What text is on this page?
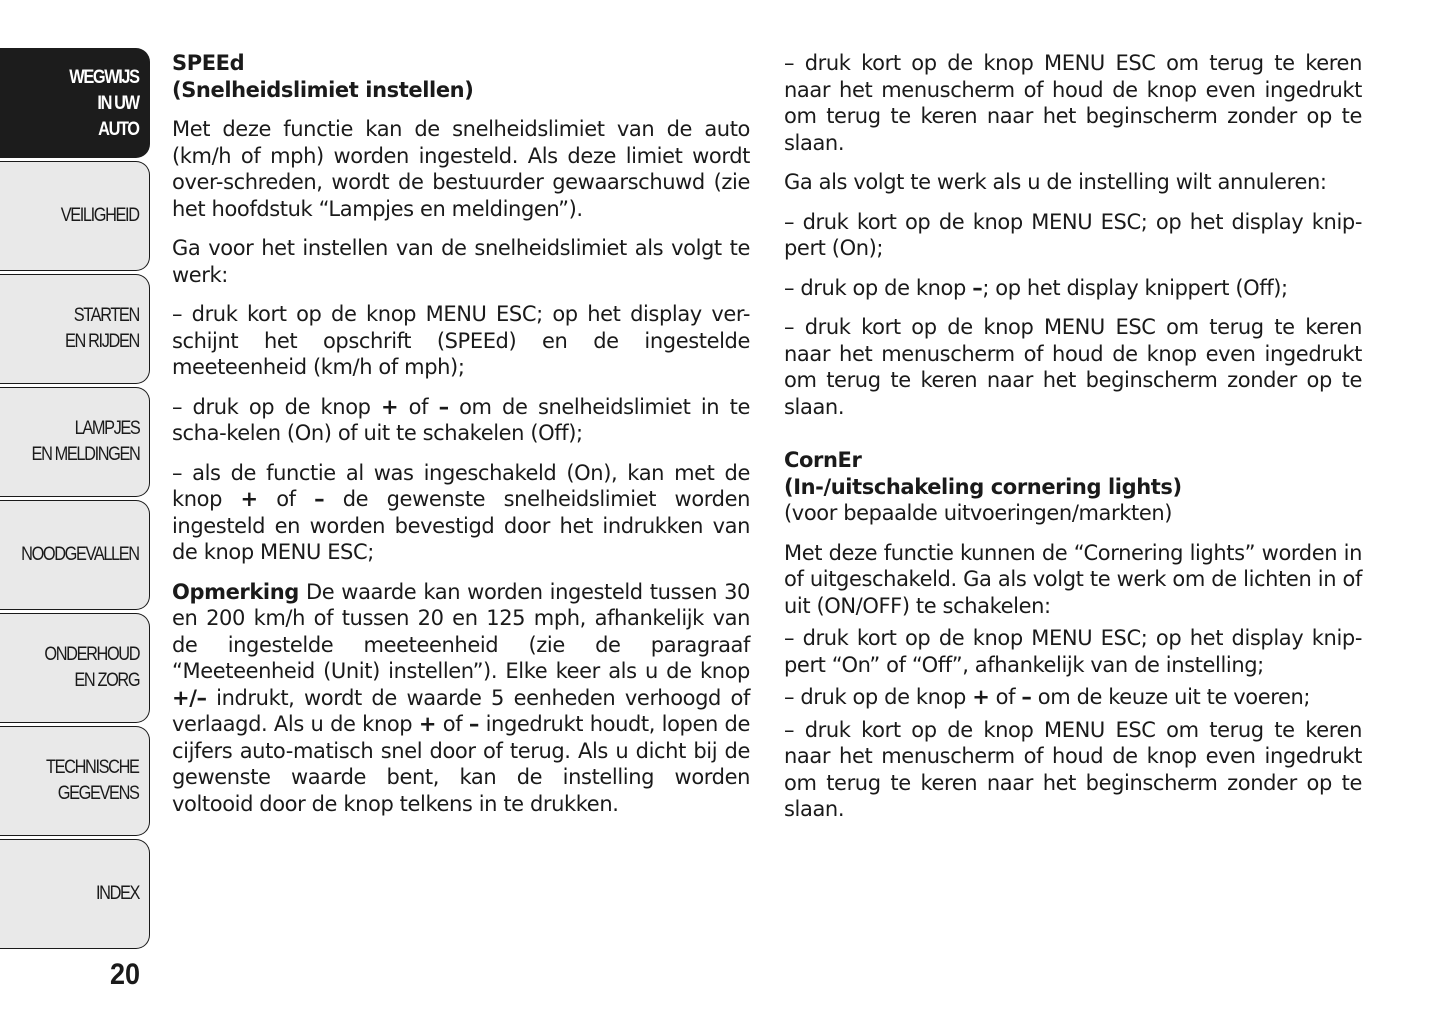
WEGWIJS
IN UW
AUTO
VEILIGHEID
STARTEN
EN RIJDEN
LAMPJES
EN MELDINGEN
NOODGEVALLEN
ONDERHOUD
EN ZORG
TECHNISCHE
GEGEVENS
INDEX
20
SPEEd
(Snelheidslimiet instellen)

Met deze functie kan de snelheidslimiet van de auto (km/h of mph) worden ingesteld. Als deze limiet wordt over-schreden, wordt de bestuurder gewaarschuwd (zie het hoofdstuk “Lampjes en meldingen”).

Ga voor het instellen van de snelheidslimiet als volgt te werk:

– druk kort op de knop MENU ESC; op het display ver-schijnt het opschrift (SPEEd) en de ingestelde meeteenheid (km/h of mph);

– druk op de knop + of – om de snelheidslimiet in te scha-kelen (On) of uit te schakelen (Off);

– als de functie al was ingeschakeld (On), kan met de knop + of – de gewenste snelheidslimiet worden ingesteld en worden bevestigd door het indrukken van de knop MENU ESC;

Opmerking De waarde kan worden ingesteld tussen 30 en 200 km/h of tussen 20 en 125 mph, afhankelijk van de ingestelde meeteenheid (zie de paragraaf “Meeteenheid (Unit) instellen”). Elke keer als u de knop +/– indrukt, wordt de waarde 5 eenheden verhoogd of verlaagd. Als u de knop + of – ingedrukt houdt, lopen de cijfers auto-matisch snel door of terug. Als u dicht bij de gewenste waarde bent, kan de instelling worden voltooid door de knop telkens in te drukken.

– druk kort op de knop MENU ESC om terug te keren naar het menuscherm of houd de knop even ingedrukt om terug te keren naar het beginscherm zonder op te slaan.

Ga als volgt te werk als u de instelling wilt annuleren:

– druk kort op de knop MENU ESC; op het display knip-pert (On);

– druk op de knop –; op het display knippert (Off);

– druk kort op de knop MENU ESC om terug te keren naar het menuscherm of houd de knop even ingedrukt om terug te keren naar het beginscherm zonder op te slaan.

CornEr
(In-/uitschakeling cornering lights)
(voor bepaalde uitvoeringen/markten)

Met deze functie kunnen de “Cornering lights” worden in of uitgeschakeld. Ga als volgt te werk om de lichten in of uit (ON/OFF) te schakelen:

– druk kort op de knop MENU ESC; op het display knip-pert “On” of “Off”, afhankelijk van de instelling;

– druk op de knop + of – om de keuze uit te voeren;

– druk kort op de knop MENU ESC om terug te keren naar het menuscherm of houd de knop even ingedrukt om terug te keren naar het beginscherm zonder op te slaan.
